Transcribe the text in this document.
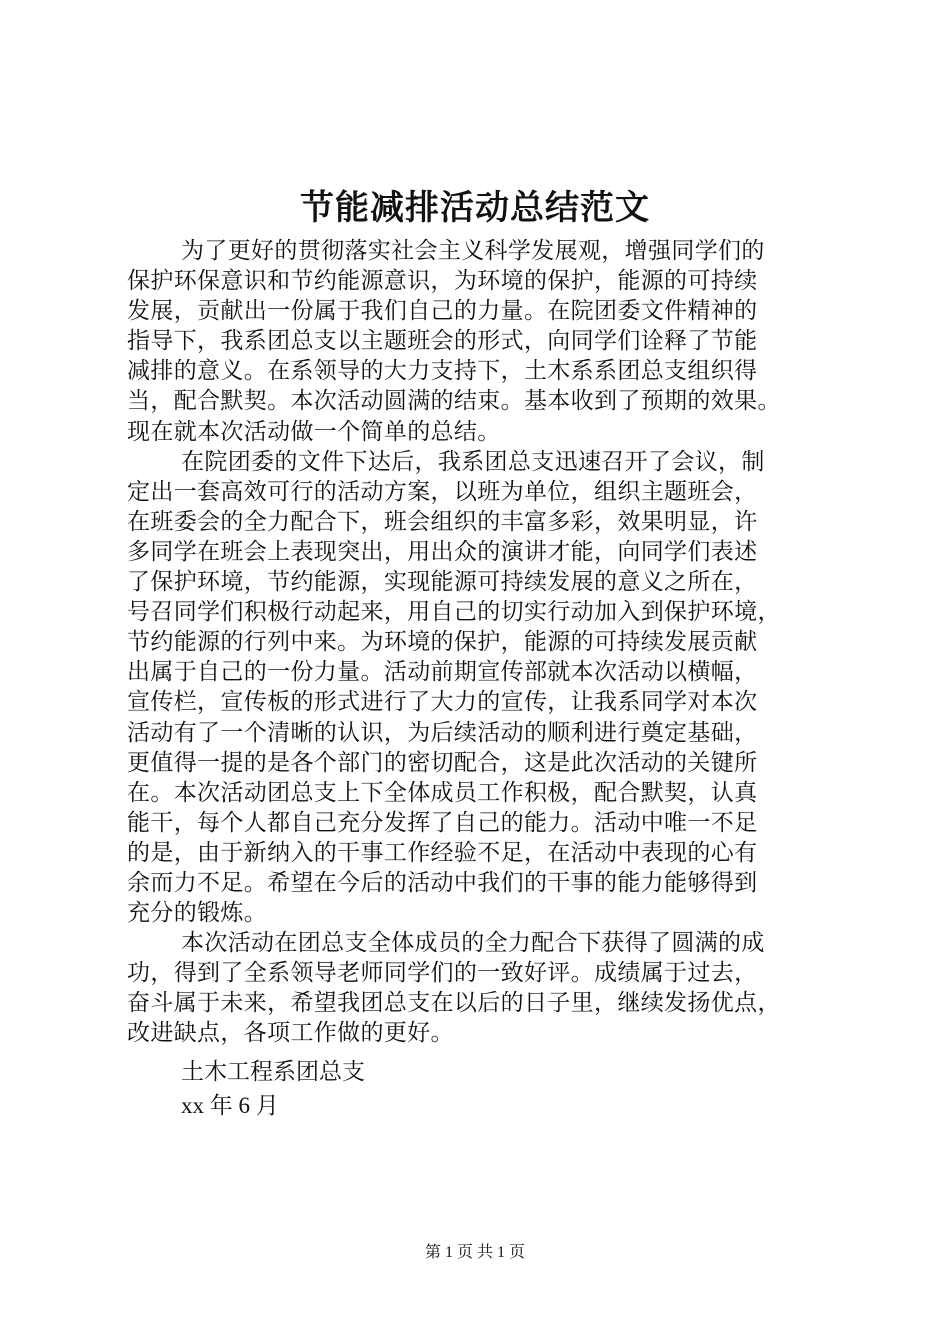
节能减排活动总结范文
为了更好的贯彻落实社会主义科学发展观，增强同学们的
保护环保意识和节约能源意识，为环境的保护，能源的可持续
发展，贡献出一份属于我们自己的力量。在院团委文件精神的
指导下，我系团总支以主题班会的形式，向同学们诠释了节能
减排的意义。在系领导的大力支持下，土木系系团总支组织得
当，配合默契。本次活动圆满的结束。基本收到了预期的效果。
现在就本次活动做一个简单的总结。
在院团委的文件下达后，我系团总支迅速召开了会议，制
定出一套高效可行的活动方案，以班为单位，组织主题班会，
在班委会的全力配合下，班会组织的丰富多彩，效果明显，许
多同学在班会上表现突出，用出众的演讲才能，向同学们表述
了保护环境，节约能源，实现能源可持续发展的意义之所在，
号召同学们积极行动起来，用自己的切实行动加入到保护环境，
节约能源的行列中来。为环境的保护，能源的可持续发展贡献
出属于自己的一份力量。活动前期宣传部就本次活动以横幅，
宣传栏，宣传板的形式进行了大力的宣传，让我系同学对本次
活动有了一个清晰的认识，为后续活动的顺利进行奠定基础，
更值得一提的是各个部门的密切配合，这是此次活动的关键所
在。本次活动团总支上下全体成员工作积极，配合默契，认真
能干，每个人都自己充分发挥了自己的能力。活动中唯一不足
的是，由于新纳入的干事工作经验不足，在活动中表现的心有
余而力不足。希望在今后的活动中我们的干事的能力能够得到
充分的锻炼。
本次活动在团总支全体成员的全力配合下获得了圆满的成
功，得到了全系领导老师同学们的一致好评。成绩属于过去，
奋斗属于未来，希望我团总支在以后的日子里，继续发扬优点，
改进缺点，各项工作做的更好。
土木工程系团总支
xx 年 6 月
第 1 页 共 1 页
